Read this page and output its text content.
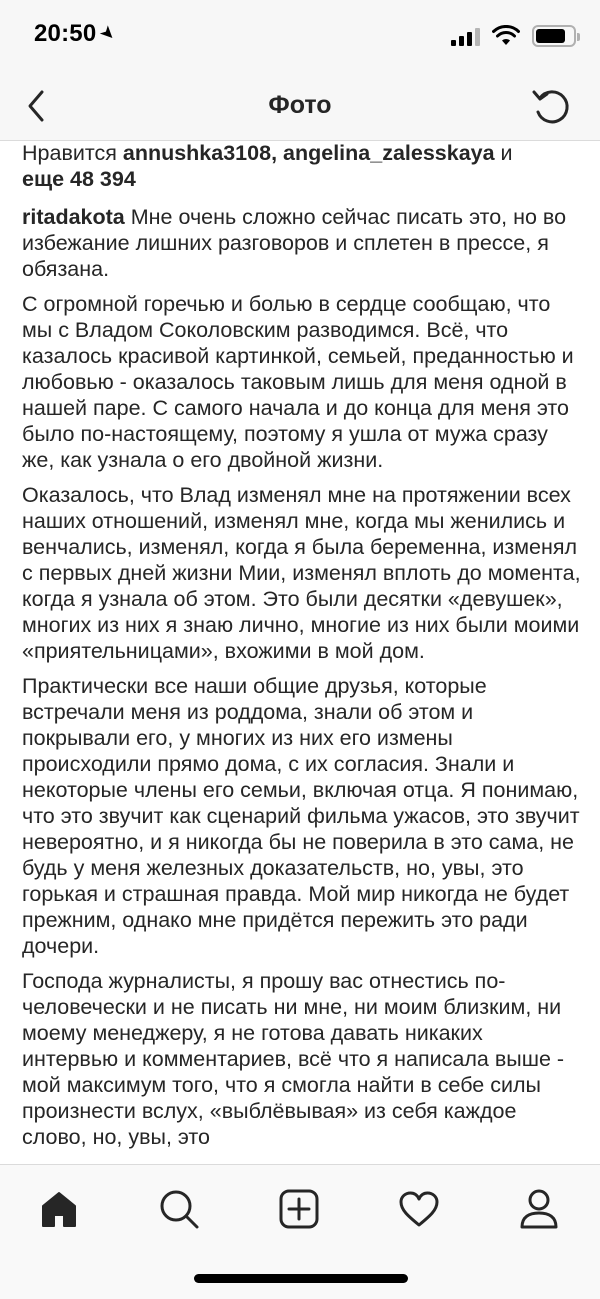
20:50➤
Фото

Нравится annushka3108, angelina_zalesskaya и
еще 48 394

ritadakota Мне очень сложно сейчас писать это, но во избежание лишних разговоров и сплетен в прессе, я обязана.

С огромной горечью и болью в сердце сообщаю, что мы с Владом Соколовским разводимся. Всё, что казалось красивой картинкой, семьей, преданностью и любовью - оказалось таковым лишь для меня одной в нашей паре. С самого начала и до конца для меня это было по-настоящему, поэтому я ушла от мужа сразу же, как узнала о его двойной жизни.

Оказалось, что Влад изменял мне на протяжении всех наших отношений, изменял мне, когда мы женились и венчались, изменял, когда я была беременна, изменял с первых дней жизни Мии, изменял вплоть до момента, когда я узнала об этом. Это были десятки «девушек», многих из них я знаю лично, многие из них были моими «приятельницами», вхожими в мой дом.

Практически все наши общие друзья, которые встречали меня из роддома, знали об этом и покрывали его, у многих из них его измены происходили прямо дома, с их согласия. Знали и некоторые члены его семьи, включая отца. Я понимаю, что это звучит как сценарий фильма ужасов, это звучит невероятно, и я никогда бы не поверила в это сама, не будь у меня железных доказательств, но, увы, это горькая и страшная правда. Мой мир никогда не будет прежним, однако мне придётся пережить это ради дочери.

Господа журналисты, я прошу вас отнестись по-человечески и не писать ни мне, ни моим близким, ни моему менеджеру, я не готова давать никаких интервью и комментариев, всё что я написала выше - мой максимум того, что я смогла найти в себе силы произнести вслух, «выблёвывая» из себя каждое слово, но, увы, это
